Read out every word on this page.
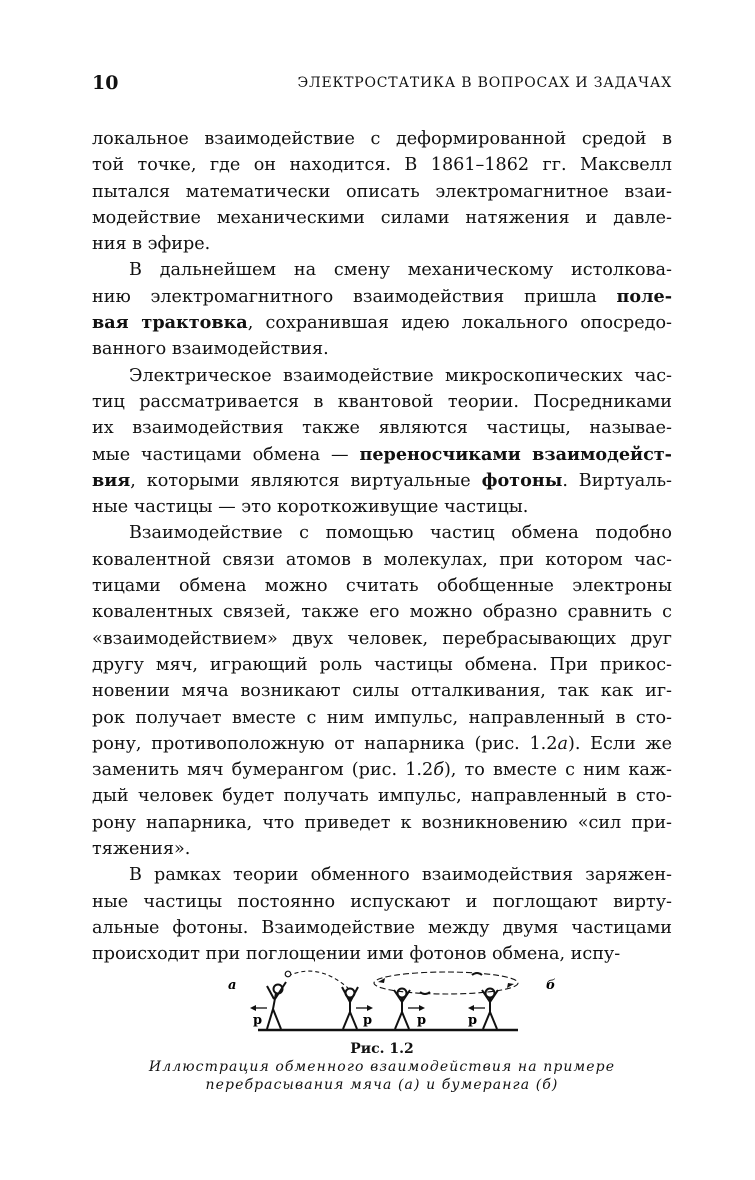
10	ЭЛЕКТРОСТАТИКА В ВОПРОСАХ И ЗАДАЧАХ
локальное взаимодействие с деформированной средой в
той точке, где он находится. В 1861–1862 гг. Максвелл
пытался математически описать электромагнитное взаи-
модействие механическими силами натяжения и давле-
ния в эфире.
В дальнейшем на смену механическому истолкова-
нию электромагнитного взаимодействия пришла поле-
вая трактовка, сохранившая идею локального опосредо-
ванного взаимодействия.
Электрическое взаимодействие микроскопических час-
тиц рассматривается в квантовой теории. Посредниками
их взаимодействия также являются частицы, называе-
мые частицами обмена — переносчиками взаимодейст-
вия, которыми являются виртуальные фотоны. Виртуаль-
ные частицы — это короткоживущие частицы.
Взаимодействие с помощью частиц обмена подобно
ковалентной связи атомов в молекулах, при котором час-
тицами обмена можно считать обобщенные электроны
ковалентных связей, также его можно образно сравнить с
«взаимодействием» двух человек, перебрасывающих друг
другу мяч, играющий роль частицы обмена. При прикос-
новении мяча возникают силы отталкивания, так как иг-
рок получает вместе с ним импульс, направленный в сто-
рону, противоположную от напарника (рис. 1.2а). Если же
заменить мяч бумерангом (рис. 1.2б), то вместе с ним каж-
дый человек будет получать импульс, направленный в сто-
рону напарника, что приведет к возникновению «сил при-
тяжения».
В рамках теории обменного взаимодействия заряжен-
ные частицы постоянно испускают и поглощают вирту-
альные фотоны. Взаимодействие между двумя частицами
происходит при поглощении ими фотонов обмена, испу-
а	б
p	p	p	p
Рис. 1.2
Иллюстрация обменного взаимодействия на примере
перебрасывания мяча (а) и бумеранга (б)
